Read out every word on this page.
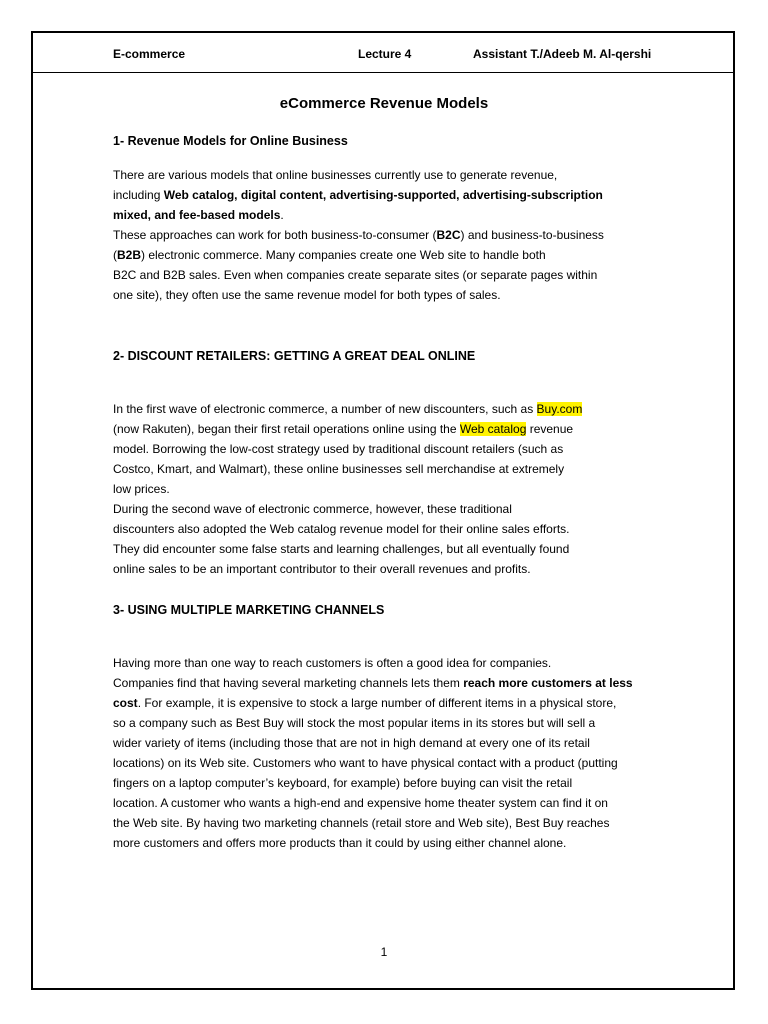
E-commerce	Lecture 4	Assistant T./Adeeb M. Al-qershi
eCommerce Revenue Models
1- Revenue Models for Online Business
There are various models that online businesses currently use to generate revenue,
including Web catalog, digital content, advertising-supported, advertising-subscription
mixed, and fee-based models.
These approaches can work for both business-to-consumer (B2C) and business-to-business
(B2B) electronic commerce. Many companies create one Web site to handle both
B2C and B2B sales. Even when companies create separate sites (or separate pages within
one site), they often use the same revenue model for both types of sales.
2- DISCOUNT RETAILERS: GETTING A GREAT DEAL ONLINE
In the first wave of electronic commerce, a number of new discounters, such as Buy.com
(now Rakuten), began their first retail operations online using the Web catalog revenue
model. Borrowing the low-cost strategy used by traditional discount retailers (such as
Costco, Kmart, and Walmart), these online businesses sell merchandise at extremely
low prices.
During the second wave of electronic commerce, however, these traditional
discounters also adopted the Web catalog revenue model for their online sales efforts.
They did encounter some false starts and learning challenges, but all eventually found
online sales to be an important contributor to their overall revenues and profits.
3- USING MULTIPLE MARKETING CHANNELS
Having more than one way to reach customers is often a good idea for companies.
Companies find that having several marketing channels lets them reach more customers at less
cost. For example, it is expensive to stock a large number of different items in a physical store,
so a company such as Best Buy will stock the most popular items in its stores but will sell a
wider variety of items (including those that are not in high demand at every one of its retail
locations) on its Web site. Customers who want to have physical contact with a product (putting
fingers on a laptop computer’s keyboard, for example) before buying can visit the retail
location. A customer who wants a high-end and expensive home theater system can find it on
the Web site. By having two marketing channels (retail store and Web site), Best Buy reaches
more customers and offers more products than it could by using either channel alone.
1
